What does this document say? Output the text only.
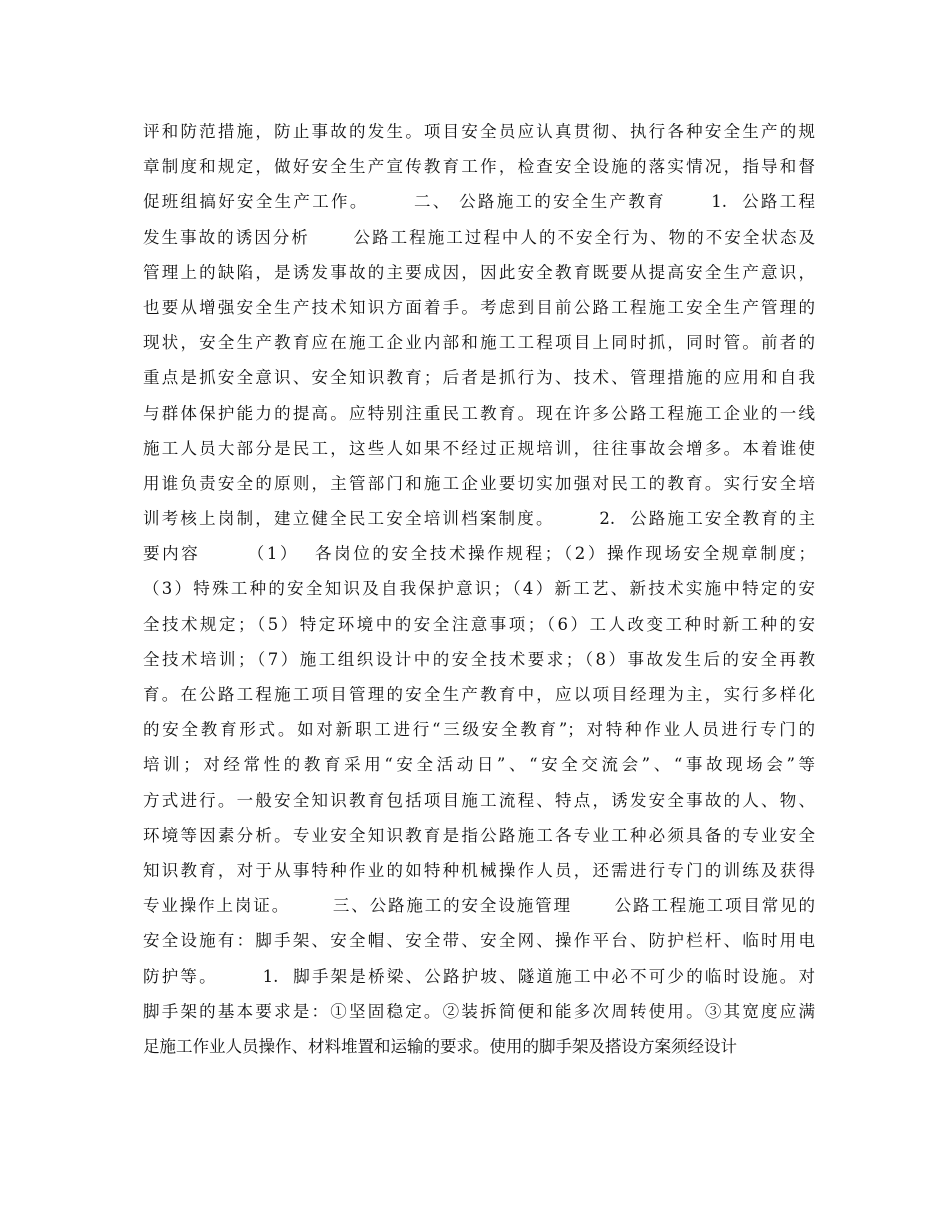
评和防范措施，防止事故的发生。项目安全员应认真贯彻、执行各种安全生产的规
章制度和规定，做好安全生产宣传教育工作，检查安全设施的落实情况，指导和督
促班组搞好安全生产工作。      二、 公路施工的安全生产教育      1.  公路工程
发生事故的诱因分析      公路工程施工过程中人的不安全行为、物的不安全状态及
管理上的缺陷，是诱发事故的主要成因，因此安全教育既要从提高安全生产意识，
也要从增强安全生产技术知识方面着手。考虑到目前公路工程施工安全生产管理的
现状，安全生产教育应在施工企业内部和施工工程项目上同时抓，同时管。前者的
重点是抓安全意识、安全知识教育；后者是抓行为、技术、管理措施的应用和自我
与群体保护能力的提高。应特别注重民工教育。现在许多公路工程施工企业的一线
施工人员大部分是民工，这些人如果不经过正规培训，往往事故会增多。本着谁使
用谁负责安全的原则，主管部门和施工企业要切实加强对民工的教育。实行安全培
训考核上岗制，建立健全民工安全培训档案制度。      2.  公路施工安全教育的主
要内容      （1）  各岗位的安全技术操作规程；（2）操作现场安全规章制度；
（3）特殊工种的安全知识及自我保护意识；（4）新工艺、新技术实施中特定的安
全技术规定；（5）特定环境中的安全注意事项；（6）工人改变工种时新工种的安
全技术培训；（7）施工组织设计中的安全技术要求；（8）事故发生后的安全再教
育。在公路工程施工项目管理的安全生产教育中，应以项目经理为主，实行多样化
的安全教育形式。如对新职工进行“三级安全教育”；对特种作业人员进行专门的
培训；对经常性的教育采用“安全活动日”、“安全交流会”、“事故现场会”等
方式进行。一般安全知识教育包括项目施工流程、特点，诱发安全事故的人、物、
环境等因素分析。专业安全知识教育是指公路施工各专业工种必须具备的专业安全
知识教育，对于从事特种作业的如特种机械操作人员，还需进行专门的训练及获得
专业操作上岗证。      三、公路施工的安全设施管理      公路工程施工项目常见的
安全设施有：脚手架、安全帽、安全带、安全网、操作平台、防护栏杆、临时用电
防护等。      1.  脚手架是桥梁、公路护坡、隧道施工中必不可少的临时设施。对
脚手架的基本要求是：①坚固稳定。②装拆简便和能多次周转使用。③其宽度应满
足施工作业人员操作、材料堆置和运输的要求。使用的脚手架及搭设方案须经设计
